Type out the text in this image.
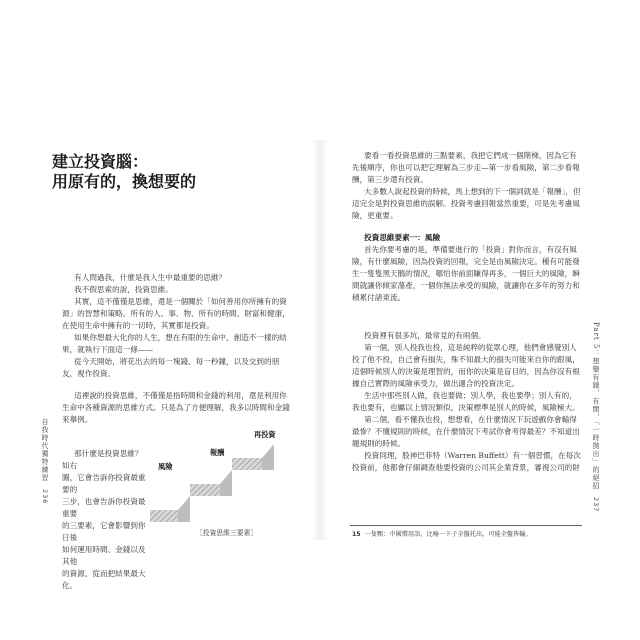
建立投資腦：
用原有的，換想要的

有人問過我，什麼是我人生中最重要的思維？

我不假思索的說，投資思維。

其實，這不僅僅是思維，還是一個關於「如何善用你所擁有的資源」的智慧和策略。所有的人、事、物、所有的時間、財富和健康，在使用生命中擁有的一切時，其實都是投資。

如果你想最大化你的人生，想在有限的生命中，創造不一樣的結果，就執行下面這一條——

從今天開始，將花出去的每一塊錢、每一秒鐘，以及交到的朋友，視作投資。

這裡說的投資思維，不僅僅是指時間和金錢的利用，還是利用你生命中各種資源的思維方式。只是為了方便理解，我多以時間和金錢來舉例。

那什麼是投資思維？如右

圖，它會告訴你投資最重要的

三步，也會告訴你投資最重要

的三要素，它會影響到你日後

如何運用時間、金錢以及其他

的資源，從而把結果最大化。

風險
報酬
再投資
［投資思維三要素］
自我時代獨特練習 236

要看一看投資思維的三點要素，我把它們成一個階梯，因為它有先後順序，你也可以把它理解為三步走—第一步看風險，第二步看報酬，第三步還有投資。

大多數人說起投資的時候，馬上想到的下一個詞就是「報酬」，但這完全是對投資思維的誤解。投資考慮回報當然重要，可是先考慮風險，更重要。

投資思維要素一：風險

首先你要考慮的是，準備要進行的「投資」對你而言，有沒有風險，有什麼風險，因為投資的回報，完全是由風險決定。種有可能發生一隻隻黑天鵝的情況，哪怕你前面賺得再多，一個巨大的風險，瞬間就讓你傾家蕩產，一個你無法承受的風險，就讓你在多年的努力和積累付諸東流。

投資裡有很多坑，最常見的有兩個。

第一個，別人投我也投，這是純粹的從眾心理，他們會感覺別人投了他不投，自己會有損失，殊不知最大的損失可能來自你的跟風，這個時候別人的決策是理智的，而你的決策是盲目的，因為你沒有根據自己實際的風險承受力，做出適合的投資決定。

生活中那些別人做，我也要做；別人學，我也要學；別人有的，我也要有，也屬以上情況類似，決策標準是別人的時候，風險極大。

第二個，看不懂我也投，想想看，在什麼情況下玩遊戲你會輸得最慘？不懂規則的時候，在什麼情況下考試你會考得最差？不知道出題規則的時候。

投資同理，股神巴菲特（Warren Buffett）有一個習慣，在每次投資前，他都會仔細調查他要投資的公司其企業背景，審視公司的財

15 一隻鴨：中國慣用語，比喻一下子全盤托出，可能全盤皆輸。
Part 5：想變有錢、有閒，「一時拋出」的絕招 237
